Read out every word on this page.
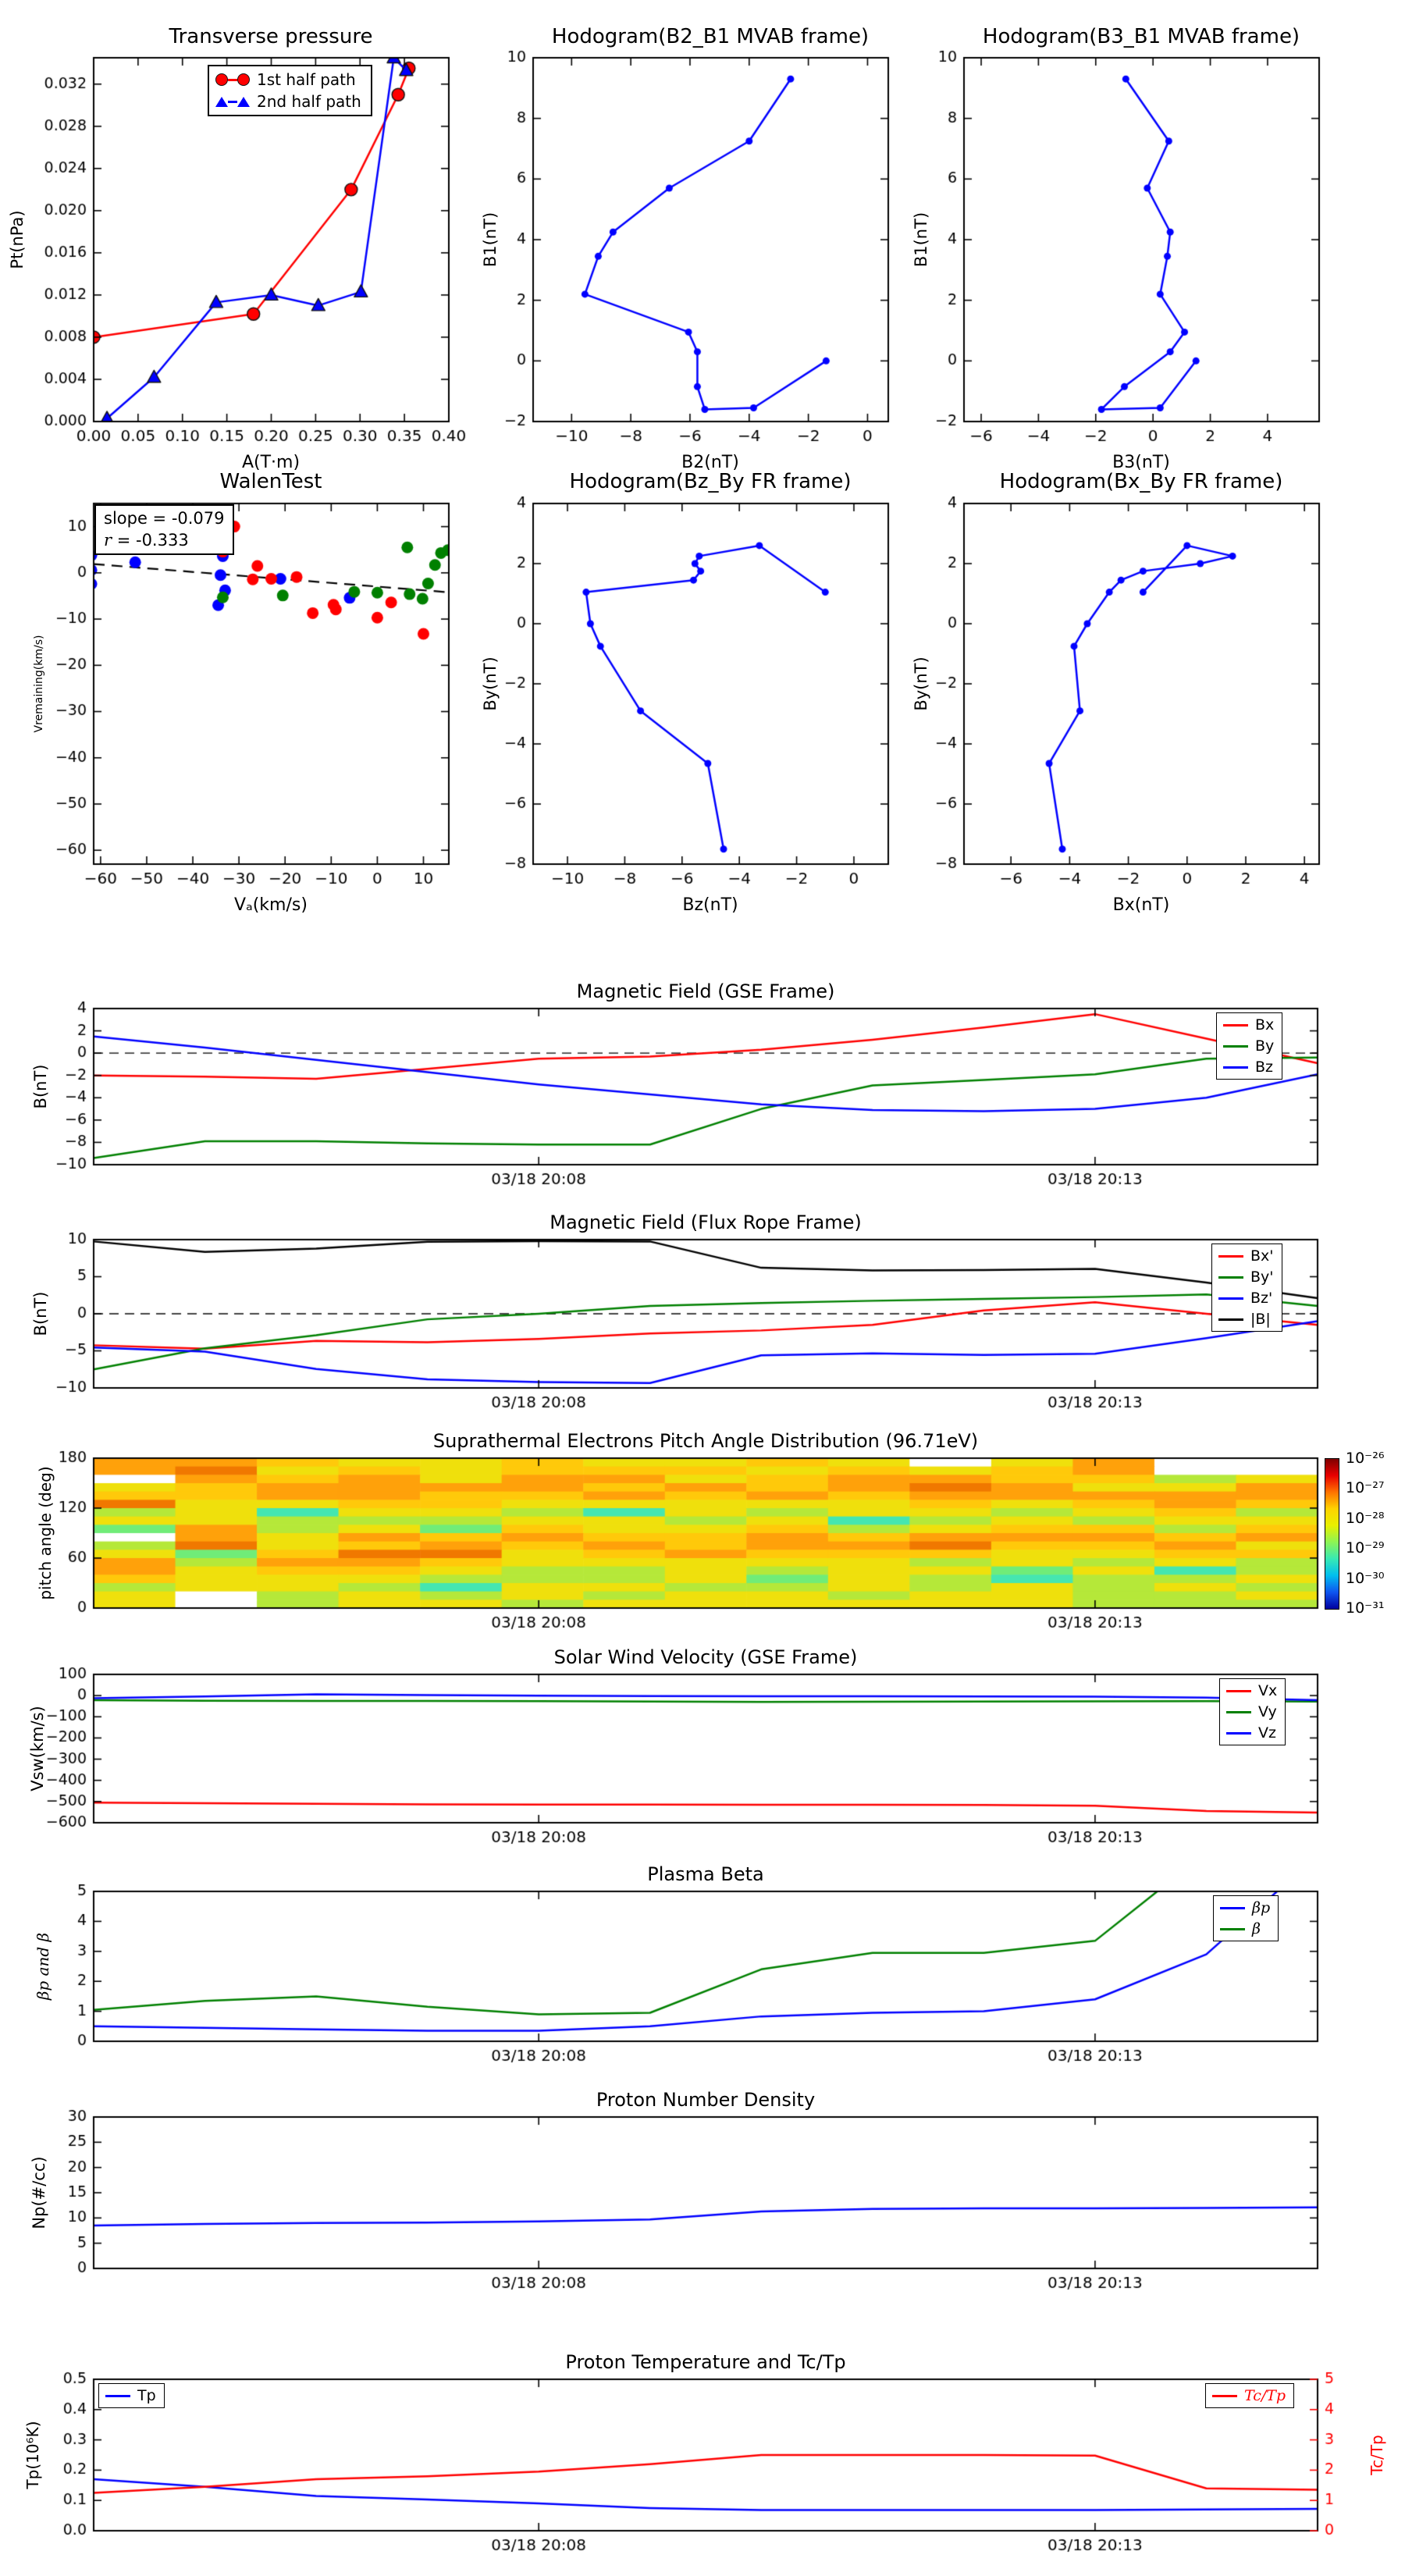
Transverse pressure	Hodogram(B2_B1 MVAB frame)	Hodogram(B3_B1 MVAB frame)
A(T·m)	B2(nT)	B3(nT)
Pt(nPa)	B1(nT)	B1(nT)
WalenTest	Hodogram(Bz_By FR frame)	Hodogram(Bx_By FR frame)
Vₐ(km/s)	Bz(nT)	Bx(nT)
Vremaining(km/s)	By(nT)	By(nT)
slope = -0.079
r = -0.333
1st half path
2nd half path
Magnetic Field (GSE Frame)
Magnetic Field (Flux Rope Frame)
Suprathermal Electrons Pitch Angle Distribution (96.71eV)
Solar Wind Velocity (GSE Frame)
Plasma Beta
Proton Number Density
Proton Temperature and Tc/Tp
B(nT)
B(nT)
pitch angle (deg)
Vsw(km/s)
βp and β
Np(#/cc)
Tp(10⁶K)	Tc/Tp
Bx
By
Bz
Bx'
By'
Bz'
|B|
Vx
Vy
Vz
βp
β
Tp	Tc/Tp
10⁻²⁶
10⁻²⁷
10⁻²⁸
10⁻²⁹
10⁻³⁰
10⁻³¹
